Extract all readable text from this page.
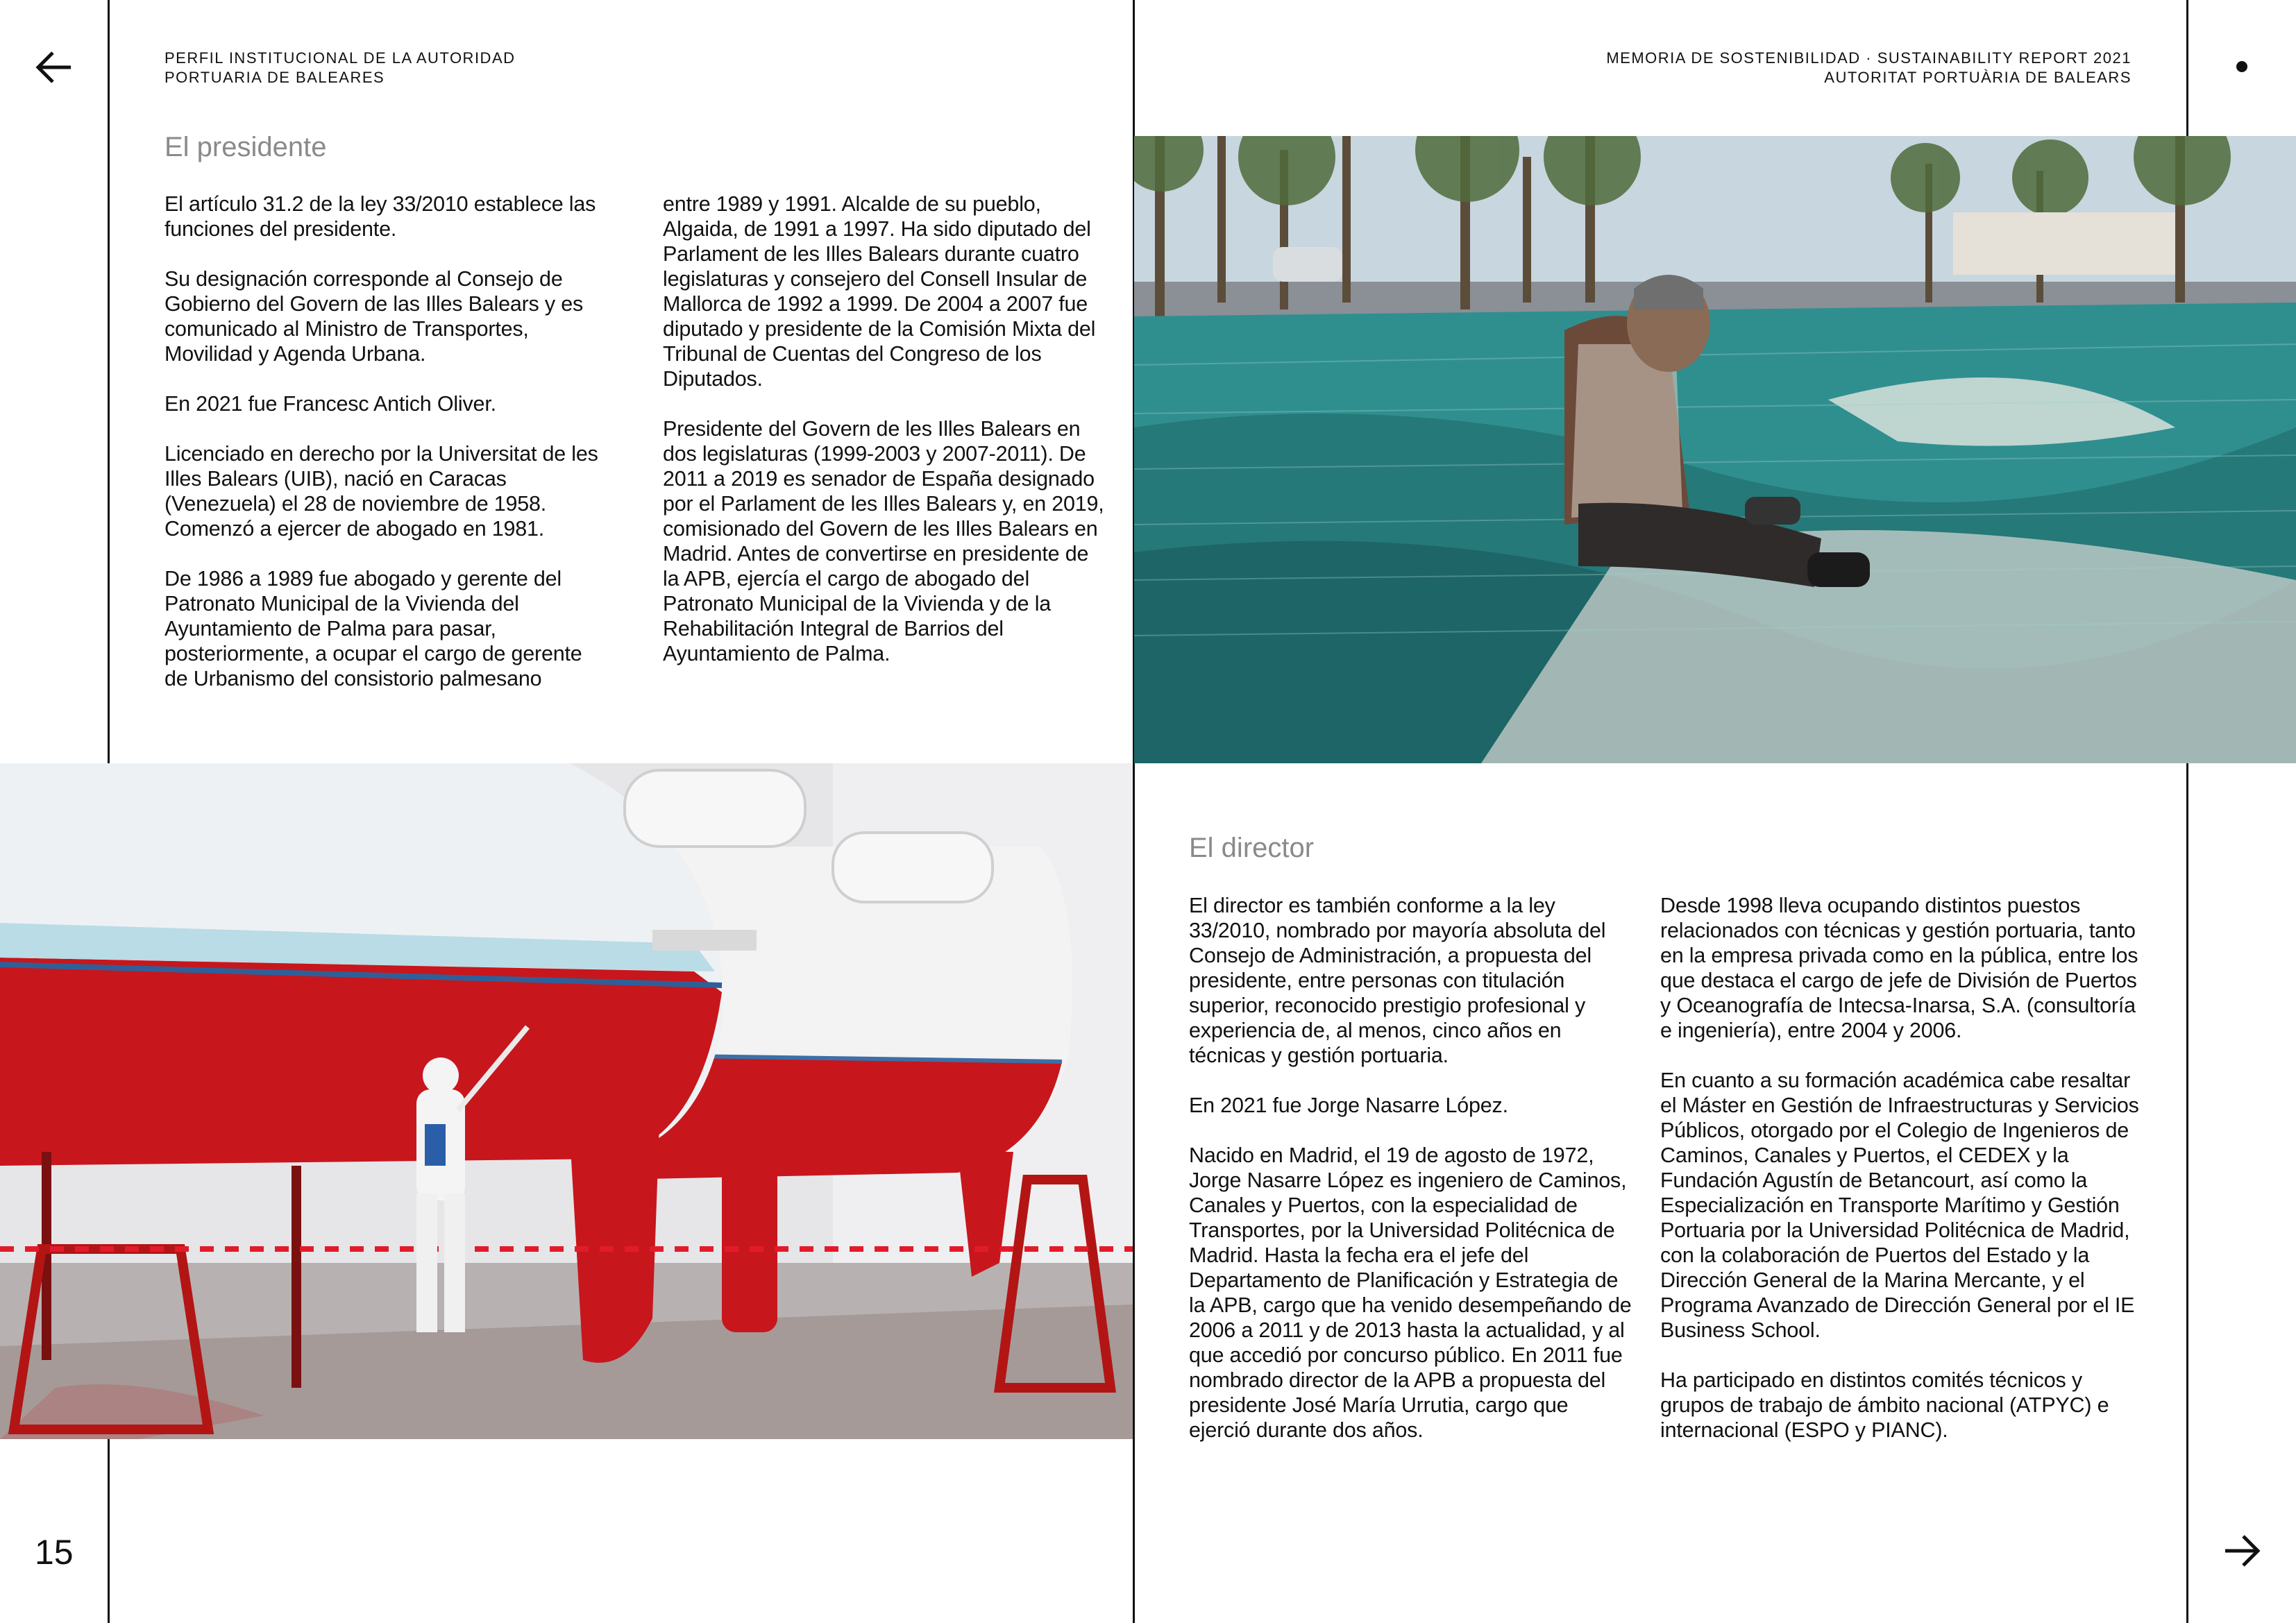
PERFIL INSTITUCIONAL DE LA AUTORIDAD
PORTUARIA DE BALEARES
MEMORIA DE SOSTENIBILIDAD · SUSTAINABILITY REPORT 2021
AUTORITAT PORTUÀRIA DE BALEARS
El presidente

El artículo 31.2 de la ley 33/2010 establece las funciones del presidente.

Su designación corresponde al Consejo de Gobierno del Govern de las Illes Balears y es comunicado al Ministro de Transportes, Movilidad y Agenda Urbana.

En 2021 fue Francesc Antich Oliver.

Licenciado en derecho por la Universitat de les Illes Balears (UIB), nació en Caracas (Venezuela) el 28 de noviembre de 1958. Comenzó a ejercer de abogado en 1981.

De 1986 a 1989 fue abogado y gerente del Patronato Municipal de la Vivienda del Ayuntamiento de Palma para pasar, posteriormente, a ocupar el cargo de gerente de Urbanismo del consistorio palmesano

entre 1989 y 1991. Alcalde de su pueblo, Algaida, de 1991 a 1997. Ha sido diputado del Parlament de les Illes Balears durante cuatro legislaturas y consejero del Consell Insular de Mallorca de 1992 a 1999. De 2004 a 2007 fue diputado y presidente de la Comisión Mixta del Tribunal de Cuentas del Congreso de los Diputados.

Presidente del Govern de les Illes Balears en dos legislaturas (1999-2003 y 2007-2011). De 2011 a 2019 es senador de España designado por el Parlament de les Illes Balears y, en 2019, comisionado del Govern de les Illes Balears en Madrid. Antes de convertirse en presidente de la APB, ejercía el cargo de abogado del Patronato Municipal de la Vivienda y de la Rehabilitación Integral de Barrios del Ayuntamiento de Palma.

El director

El director es también conforme a la ley 33/2010, nombrado por mayoría absoluta del Consejo de Administración, a propuesta del presidente, entre personas con titulación superior, reconocido prestigio profesional y experiencia de, al menos, cinco años en técnicas y gestión portuaria.

En 2021 fue Jorge Nasarre López.

Nacido en Madrid, el 19 de agosto de 1972, Jorge Nasarre López es ingeniero de Caminos, Canales y Puertos, con la especialidad de Transportes, por la Universidad Politécnica de Madrid. Hasta la fecha era el jefe del Departamento de Planificación y Estrategia de la APB, cargo que ha venido desempeñando de 2006 a 2011 y de 2013 hasta la actualidad, y al que accedió por concurso público. En 2011 fue nombrado director de la APB a propuesta del presidente José María Urrutia, cargo que ejerció durante dos años.

Desde 1998 lleva ocupando distintos puestos relacionados con técnicas y gestión portuaria, tanto en la empresa privada como en la pública, entre los que destaca el cargo de jefe de División de Puertos y Oceanografía de Intecsa-Inarsa, S.A. (consultoría e ingeniería), entre 2004 y 2006.

En cuanto a su formación académica cabe resaltar el Máster en Gestión de Infraestructuras y Servicios Públicos, otorgado por el Colegio de Ingenieros de Caminos, Canales y Puertos, el CEDEX y la Fundación Agustín de Betancourt, así como la Especialización en Transporte Marítimo y Gestión Portuaria por la Universidad Politécnica de Madrid, con la colaboración de Puertos del Estado y la Dirección General de la Marina Mercante, y el Programa Avanzado de Dirección General por el IE Business School.

Ha participado en distintos comités técnicos y grupos de trabajo de ámbito nacional (ATPYC) e internacional (ESPO y PIANC).

15
